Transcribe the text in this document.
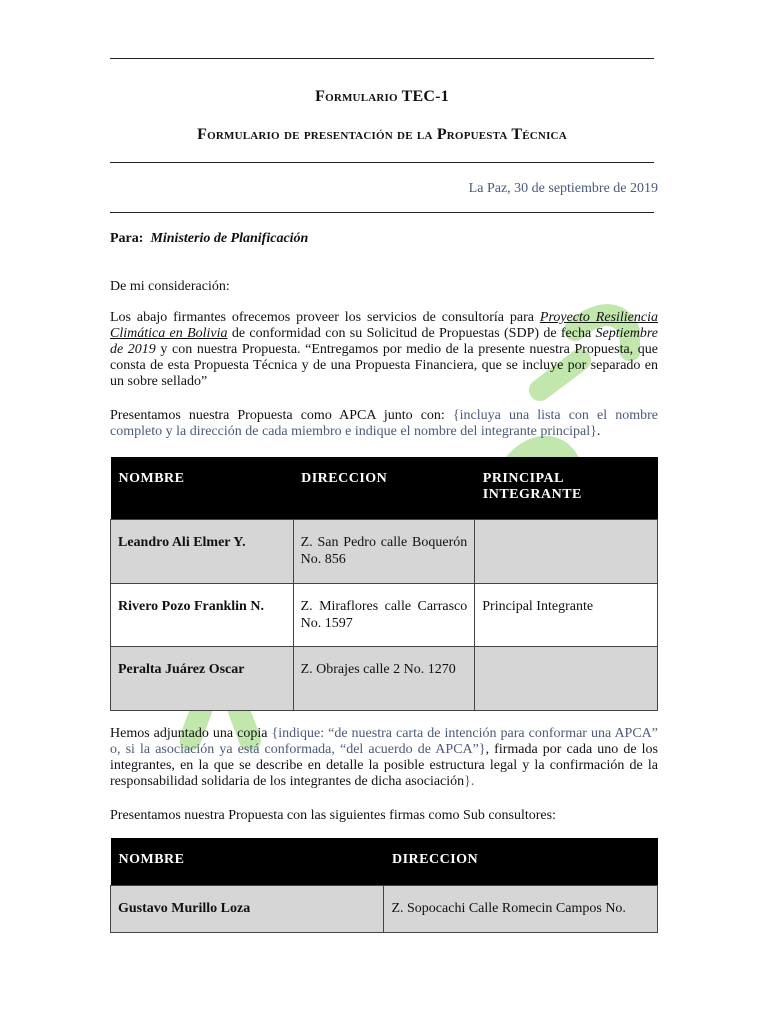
Formulario TEC-1
Formulario de presentación de la Propuesta Técnica
La Paz, 30 de septiembre de 2019
Para: Ministerio de Planificación
De mi consideración:
Los abajo firmantes ofrecemos proveer los servicios de consultoría para Proyecto Resiliencia Climática en Bolivia de conformidad con su Solicitud de Propuestas (SDP) de fecha Septiembre de 2019 y con nuestra Propuesta. “Entregamos por medio de la presente nuestra Propuesta, que consta de esta Propuesta Técnica y de una Propuesta Financiera, que se incluye por separado en un sobre sellado”
Presentamos nuestra Propuesta como APCA junto con: {incluya una lista con el nombre completo y la dirección de cada miembro e indique el nombre del integrante principal}.
NOMBRE	DIRECCION	PRINCIPAL INTEGRANTE
Leandro Ali Elmer Y.	Z. San Pedro calle Boquerón No. 856	
Rivero Pozo Franklin N.	Z. Miraflores calle Carrasco No. 1597	Principal Integrante
Peralta Juárez Oscar	Z. Obrajes calle 2 No. 1270	
Hemos adjuntado una copia {indique: “de nuestra carta de intención para conformar una APCA” o, si la asociación ya está conformada, “del acuerdo de APCA”}, firmada por cada uno de los integrantes, en la que se describe en detalle la posible estructura legal y la confirmación de la responsabilidad solidaria de los integrantes de dicha asociación}.
Presentamos nuestra Propuesta con las siguientes firmas como Sub consultores:
NOMBRE	DIRECCION
Gustavo Murillo Loza	Z. Sopocachi Calle Romecin Campos No.
